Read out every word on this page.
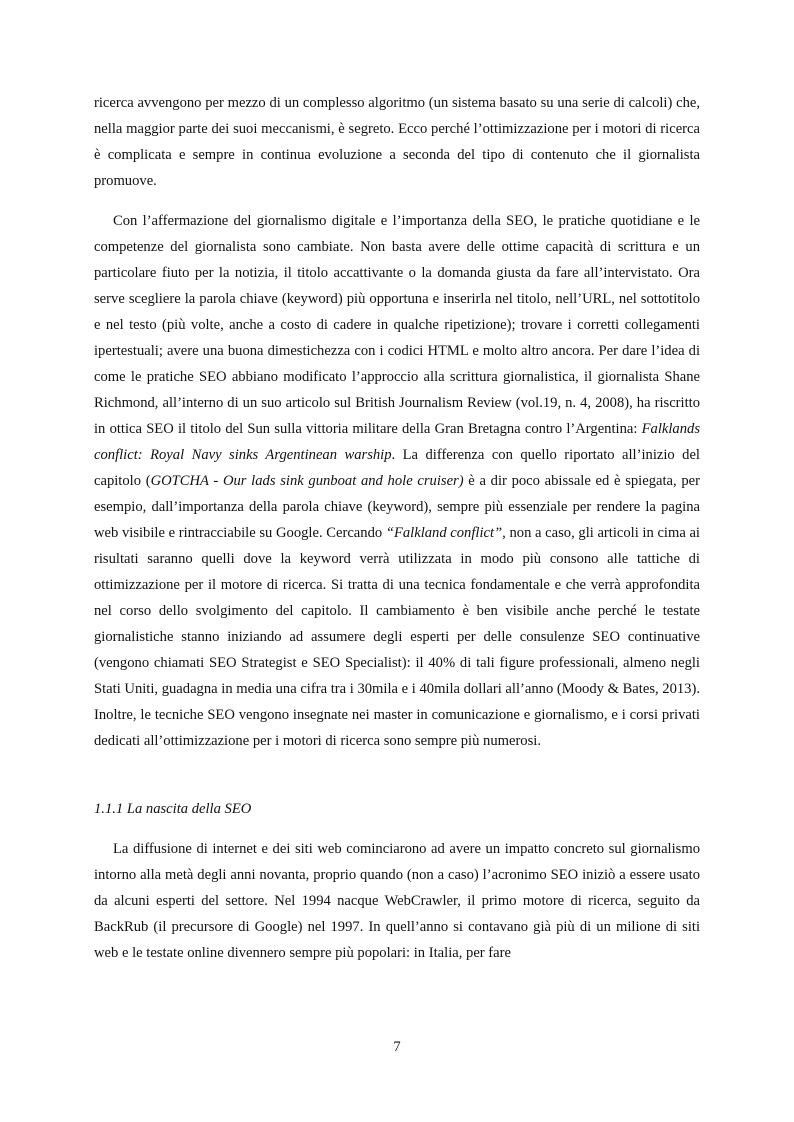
ricerca avvengono per mezzo di un complesso algoritmo (un sistema basato su una serie di calcoli) che, nella maggior parte dei suoi meccanismi, è segreto. Ecco perché l’ottimizzazione per i motori di ricerca è complicata e sempre in continua evoluzione a seconda del tipo di contenuto che il giornalista promuove.

Con l’affermazione del giornalismo digitale e l’importanza della SEO, le pratiche quotidiane e le competenze del giornalista sono cambiate. Non basta avere delle ottime capacità di scrittura e un particolare fiuto per la notizia, il titolo accattivante o la domanda giusta da fare all’intervistato. Ora serve scegliere la parola chiave (keyword) più opportuna e inserirla nel titolo, nell’URL, nel sottotitolo e nel testo (più volte, anche a costo di cadere in qualche ripetizione); trovare i corretti collegamenti ipertestuali; avere una buona dimestichezza con i codici HTML e molto altro ancora. Per dare l’idea di come le pratiche SEO abbiano modificato l’approccio alla scrittura giornalistica, il giornalista Shane Richmond, all’interno di un suo articolo sul British Journalism Review (vol.19, n. 4, 2008), ha riscritto in ottica SEO il titolo del Sun sulla vittoria militare della Gran Bretagna contro l’Argentina: Falklands conflict: Royal Navy sinks Argentinean warship. La differenza con quello riportato all’inizio del capitolo (GOTCHA - Our lads sink gunboat and hole cruiser) è a dir poco abissale ed è spiegata, per esempio, dall’importanza della parola chiave (keyword), sempre più essenziale per rendere la pagina web visibile e rintracciabile su Google. Cercando “Falkland conflict”, non a caso, gli articoli in cima ai risultati saranno quelli dove la keyword verrà utilizzata in modo più consono alle tattiche di ottimizzazione per il motore di ricerca. Si tratta di una tecnica fondamentale e che verrà approfondita nel corso dello svolgimento del capitolo. Il cambiamento è ben visibile anche perché le testate giornalistiche stanno iniziando ad assumere degli esperti per delle consulenze SEO continuative (vengono chiamati SEO Strategist e SEO Specialist): il 40% di tali figure professionali, almeno negli Stati Uniti, guadagna in media una cifra tra i 30mila e i 40mila dollari all’anno (Moody & Bates, 2013). Inoltre, le tecniche SEO vengono insegnate nei master in comunicazione e giornalismo, e i corsi privati dedicati all’ottimizzazione per i motori di ricerca sono sempre più numerosi.

1.1.1 La nascita della SEO

La diffusione di internet e dei siti web cominciarono ad avere un impatto concreto sul giornalismo intorno alla metà degli anni novanta, proprio quando (non a caso) l’acronimo SEO iniziò a essere usato da alcuni esperti del settore. Nel 1994 nacque WebCrawler, il primo motore di ricerca, seguito da BackRub (il precursore di Google) nel 1997. In quell’anno si contavano già più di un milione di siti web e le testate online divennero sempre più popolari: in Italia, per fare

7
